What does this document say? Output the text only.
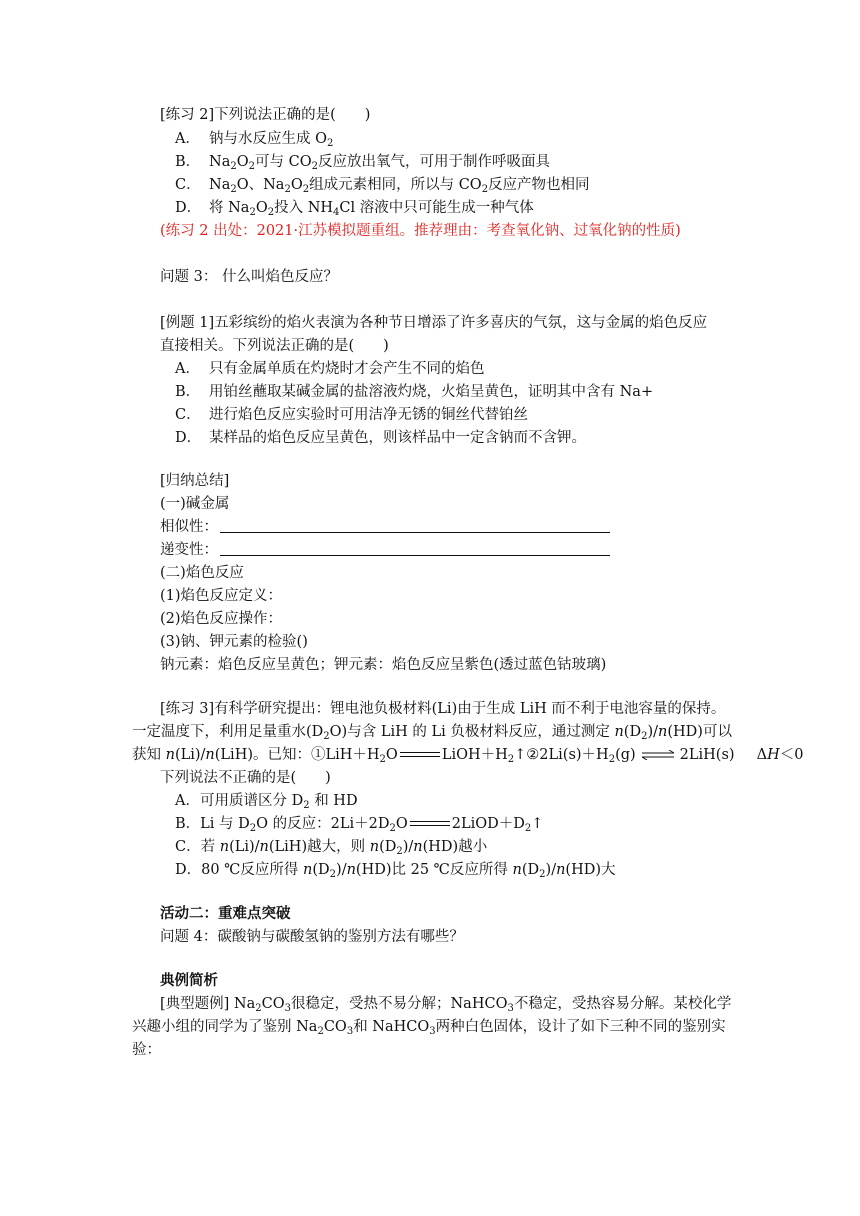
[练习 2]下列说法正确的是(　　)
A． 钠与水反应生成 $O_2$
B． $Na_2O_2$可与 $CO_2$反应放出氧气，可用于制作呼吸面具
C． $Na_2O$、$Na_2O_2$组成元素相同，所以与 $CO_2$反应产物也相同
D． 将 $Na_2O_2$投入 $NH_4Cl$ 溶液中只可能生成一种气体
(练习 2 出处：2021·江苏模拟题重组。推荐理由：考查氧化钠、过氧化钠的性质)
问题 3： 什么叫焰色反应？
[例题 1]五彩缤纷的焰火表演为各种节日增添了许多喜庆的气氛，这与金属的焰色反应
直接相关。下列说法正确的是(　　)
A． 只有金属单质在灼烧时才会产生不同的焰色
B． 用铂丝蘸取某碱金属的盐溶液灼烧，火焰呈黄色，证明其中含有 Na+
C． 进行焰色反应实验时可用洁净无锈的铜丝代替铂丝
D． 某样品的焰色反应呈黄色，则该样品中一定含钠而不含钾。
[归纳总结]
(一)碱金属
相似性：
递变性：
(二)焰色反应
(1)焰色反应定义：
(2)焰色反应操作：
(3)钠、钾元素的检验()
钠元素：焰色反应呈黄色；钾元素：焰色反应呈紫色(透过蓝色钴玻璃)
[练习 3]有科学研究提出：锂电池负极材料(Li)由于生成 LiH 而不利于电池容量的保持。
一定温度下，利用足量重水$(D_2O)$与含 LiH 的 Li 负极材料反应，通过测定 $n(D_2)/n(HD)$可以
获知 n(Li)/n(LiH)。已知：$①LiH+H_2O$	$LiOH+H_2↑②2Li(s)+H_2(g)$ ⇌ 2LiH(s) ΔH＜0
下列说法不正确的是(　　)
A．可用质谱区分 $D_2$ 和 HD
B．Li 与 $D_2O$ 的反应：$2Li+2D_2O$	$2LiOD+D_2↑$
C．若 n(Li)/n(LiH)越大，则 $n(D_2)/n(HD)$越小
D．80 ℃反应所得 $n(D_2)/n(HD)$比 25 ℃反应所得 $n(D_2)/n(HD)$大
活动二：重难点突破
问题 4：碳酸钠与碳酸氢钠的鉴别方法有哪些？
典例简析
[典型题例] $Na_2CO_3$很稳定，受热不易分解；NaHCO$_3$不稳定，受热容易分解。某校化学
兴趣小组的同学为了鉴别 $Na_2CO_3$和 NaHCO$_3$两种白色固体，设计了如下三种不同的鉴别实
验：
